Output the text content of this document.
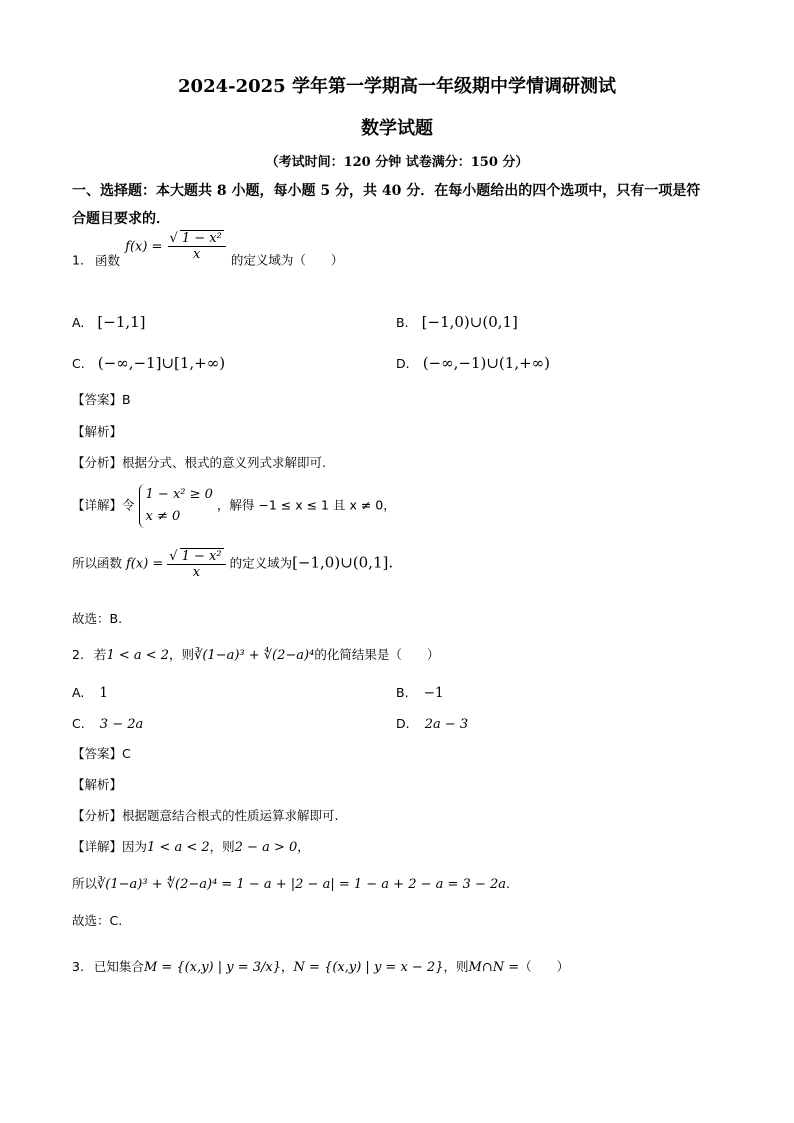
2024-2025 学年第一学期高一年级期中学情调研测试
数学试题
（考试时间：120 分钟 试卷满分：150 分）
一、选择题：本大题共 8 小题，每小题 5 分，共 40 分．在每小题给出的四个选项中，只有一项是符合题目要求的．
1. 函数 $f(x) = \frac{\text{√ 1 − x²}}{x}$ 的定义域为（　　）
A. [−1,1]	B. [−1,0)∪(0,1]
C. (−∞,−1]∪[1,+∞)	D. (−∞,−1)∪(1,+∞)
【答案】B
【解析】
【分析】根据分式、根式的意义列式求解即可.
【详解】令
1 − x² ≥ 0
x ≠ 0
，解得 −1 ≤ x ≤ 1 且 x ≠ 0，
所以函数 $f(x) = \frac{\text{√ 1 − x²}}{x}$ 的定义域为[−1,0)∪(0,1].
故选：B.
2. 若1 < a < 2，则∛(1−a)³ + ∜(2−a)⁴的化简结果是（　　）
A. 1	B. −1
C. 3 − 2a	D. 2a − 3
【答案】C
【解析】
【分析】根据题意结合根式的性质运算求解即可.
【详解】因为1 < a < 2，则2 − a > 0，
所以∛(1−a)³ + ∜(2−a)⁴ = 1 − a + |2 − a| = 1 − a + 2 − a = 3 − 2a.
故选：C.
3. 已知集合M = {(x,y) | y = 3/x}，N = {(x,y) | y = x − 2}，则M∩N =（　　）
